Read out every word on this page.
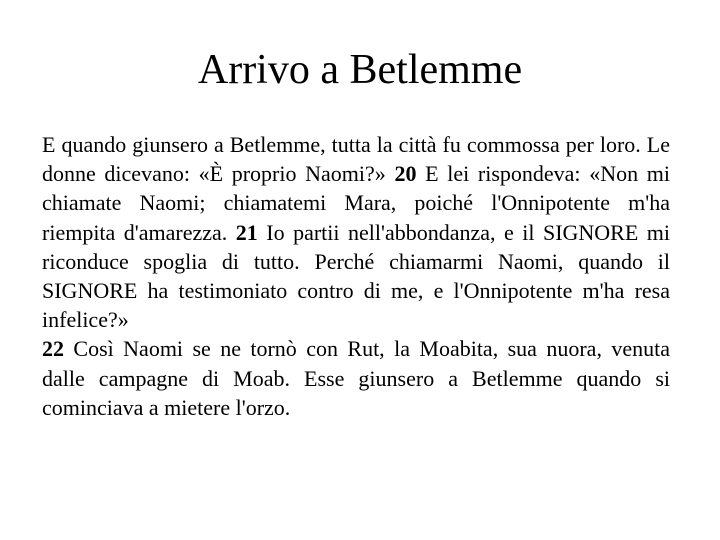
Arrivo a Betlemme

E quando giunsero a Betlemme, tutta la città fu commossa per loro. Le donne dicevano: «È proprio Naomi?» 20 E lei rispondeva: «Non mi chiamate Naomi; chiamatemi Mara, poiché l'Onnipotente m'ha riempita d'amarezza. 21 Io partii nell'abbondanza, e il SIGNORE mi riconduce spoglia di tutto. Perché chiamarmi Naomi, quando il SIGNORE ha testimoniato contro di me, e l'Onnipotente m'ha resa infelice?»

22 Così Naomi se ne tornò con Rut, la Moabita, sua nuora, venuta dalle campagne di Moab. Esse giunsero a Betlemme quando si cominciava a mietere l'orzo.
